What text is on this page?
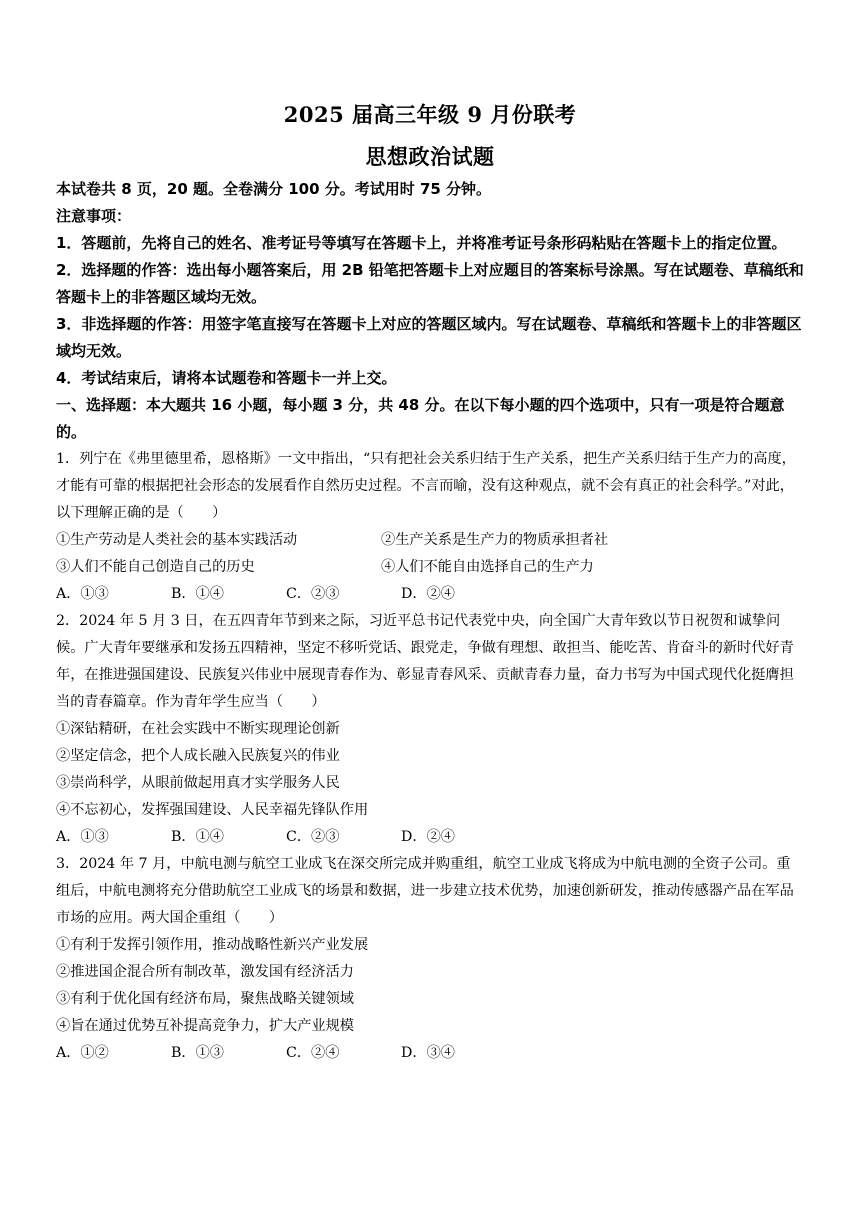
2025 届高三年级 9 月份联考
思想政治试题

本试卷共 8 页，20 题。全卷满分 100 分。考试用时 75 分钟。

注意事项：

1．答题前，先将自己的姓名、准考证号等填写在答题卡上，并将准考证号条形码粘贴在答题卡上的指定位置。

2．选择题的作答：选出每小题答案后，用 2B 铅笔把答题卡上对应题目的答案标号涂黑。写在试题卷、草稿纸和答题卡上的非答题区域均无效。

3．非选择题的作答：用签字笔直接写在答题卡上对应的答题区域内。写在试题卷、草稿纸和答题卡上的非答题区域均无效。

4．考试结束后，请将本试题卷和答题卡一并上交。

一、选择题：本大题共 16 小题，每小题 3 分，共 48 分。在以下每小题的四个选项中，只有一项是符合题意的。

1．列宁在《弗里德里希，恩格斯》一文中指出，“只有把社会关系归结于生产关系，把生产关系归结于生产力的高度，才能有可靠的根据把社会形态的发展看作自然历史过程。不言而喻，没有这种观点，就不会有真正的社会科学。”对此，以下理解正确的是（　　）

①生产劳动是人类社会的基本实践活动	②生产关系是生产力的物质承担者社
③人们不能自己创造自己的历史	④人们不能自由选择自己的生产力
A．①③	B．①④	C．②③	D．②④

2．2024 年 5 月 3 日，在五四青年节到来之际，习近平总书记代表党中央，向全国广大青年致以节日祝贺和诚挚问候。广大青年要继承和发扬五四精神，坚定不移听党话、跟党走，争做有理想、敢担当、能吃苦、肯奋斗的新时代好青年，在推进强国建设、民族复兴伟业中展现青春作为、彰显青春风采、贡献青春力量，奋力书写为中国式现代化挺膺担当的青春篇章。作为青年学生应当（　　）

①深钻精研，在社会实践中不断实现理论创新

②坚定信念，把个人成长融入民族复兴的伟业

③崇尚科学，从眼前做起用真才实学服务人民

④不忘初心，发挥强国建设、人民幸福先锋队作用

A．①③	B．①④	C．②③	D．②④

3．2024 年 7 月，中航电测与航空工业成飞在深交所完成并购重组，航空工业成飞将成为中航电测的全资子公司。重组后，中航电测将充分借助航空工业成飞的场景和数据，进一步建立技术优势，加速创新研发，推动传感器产品在军品市场的应用。两大国企重组（　　）

①有利于发挥引领作用，推动战略性新兴产业发展

②推进国企混合所有制改革，激发国有经济活力

③有利于优化国有经济布局，聚焦战略关键领域

④旨在通过优势互补提高竞争力，扩大产业规模

A．①②	B．①③	C．②④	D．③④
